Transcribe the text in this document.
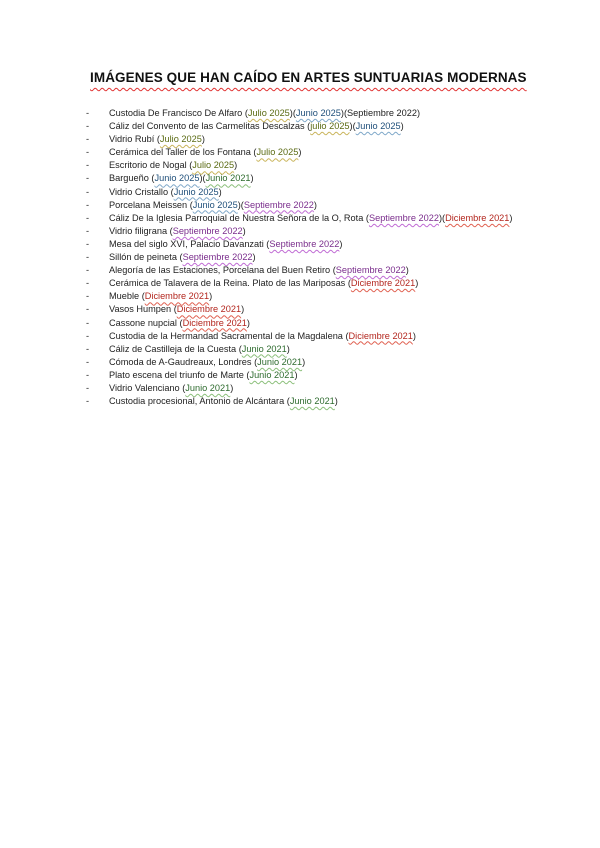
IMÁGENES QUE HAN CAÍDO EN ARTES SUNTUARIAS MODERNAS
- Custodia De Francisco De Alfaro (Julio 2025)(Junio 2025)(Septiembre 2022)
- Cáliz del Convento de las Carmelitas Descalzas (julio 2025)(Junio 2025)
- Vidrio Rubí (Julio 2025)
- Cerámica del Taller de los Fontana (Julio 2025)
- Escritorio de Nogal (Julio 2025)
- Bargueño (Junio 2025)(Junio 2021)
- Vidrio Cristallo (Junio 2025)
- Porcelana Meissen (Junio 2025)(Septiembre 2022)
- Cáliz De la Iglesia Parroquial de Nuestra Señora de la O, Rota (Septiembre 2022)(Diciembre 2021)
- Vidrio filigrana (Septiembre 2022)
- Mesa del siglo XVI, Palacio Davanzati (Septiembre 2022)
- Sillón de peineta (Septiembre 2022)
- Alegoría de las Estaciones, Porcelana del Buen Retiro (Septiembre 2022)
- Cerámica de Talavera de la Reina. Plato de las Mariposas (Diciembre 2021)
- Mueble (Diciembre 2021)
- Vasos Humpen (Diciembre 2021)
- Cassone nupcial (Diciembre 2021)
- Custodia de la Hermandad Sacramental de la Magdalena (Diciembre 2021)
- Cáliz de Castilleja de la Cuesta (Junio 2021)
- Cómoda de A-Gaudreaux, Londres (Junio 2021)
- Plato escena del triunfo de Marte (Junio 2021)
- Vidrio Valenciano (Junio 2021)
- Custodia procesional, Antonio de Alcántara (Junio 2021)
